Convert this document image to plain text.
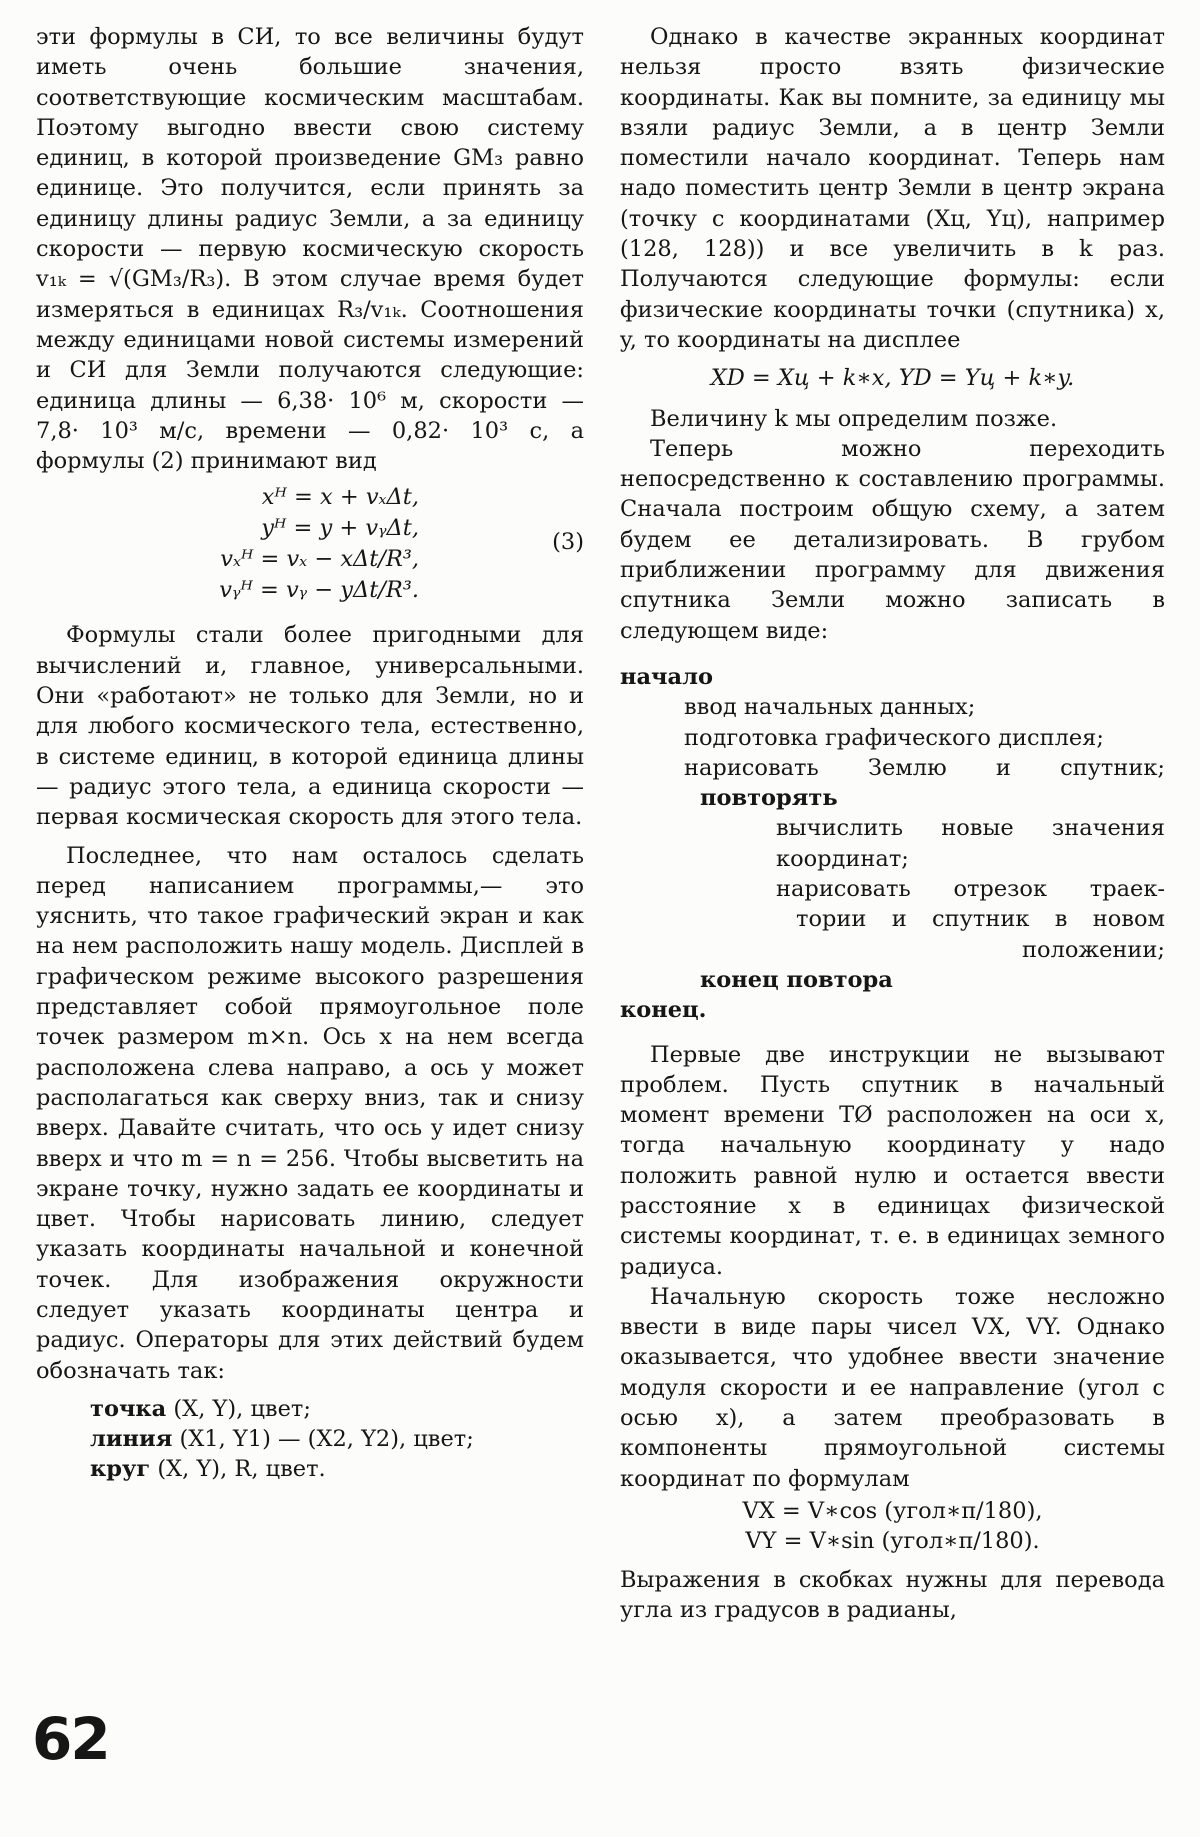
эти формулы в СИ, то все величины будут иметь очень большие значения, соответствующие космическим масштабам. Поэтому выгодно ввести свою систему единиц, в которой произведение GM₃ равно единице. Это получится, если принять за единицу длины радиус Земли, а за единицу скорости — первую космическую скорость v₁ₖ = √(GM₃/R₃). В этом случае время будет измеряться в единицах R₃/v₁ₖ. Соотношения между единицами новой системы измерений и СИ для Земли получаются следующие: единица длины — 6,38· 10⁶ м, скорости — 7,8· 10³ м/с, времени — 0,82· 10³ с, а формулы (2) принимают вид

xᴴ = x + vₓΔt,
yᴴ = y + vᵧΔt,
vₓᴴ = vₓ − xΔt/R³,
vᵧᴴ = vᵧ − yΔt/R³.
(3)

Формулы стали более пригодными для вычислений и, главное, универсальными. Они «работают» не только для Земли, но и для любого космического тела, естественно, в системе единиц, в которой единица длины — радиус этого тела, а единица скорости — первая космическая скорость для этого тела.

Последнее, что нам осталось сделать перед написанием программы,— это уяснить, что такое графический экран и как на нем расположить нашу модель. Дисплей в графическом режиме высокого разрешения представляет собой прямоугольное поле точек размером m×n. Ось x на нем всегда расположена слева направо, а ось y может располагаться как сверху вниз, так и снизу вверх. Давайте считать, что ось y идет снизу вверх и что m = n = 256. Чтобы высветить на экране точку, нужно задать ее координаты и цвет. Чтобы нарисовать линию, следует указать координаты начальной и конечной точек. Для изображения окружности следует указать координаты центра и радиус. Операторы для этих действий будем обозначать так:

точка (X, Y), цвет;
линия (X1, Y1) — (X2, Y2), цвет;
круг (X, Y), R, цвет.

Однако в качестве экранных координат нельзя просто взять физические координаты. Как вы помните, за единицу мы взяли радиус Земли, а в центр Земли поместили начало координат. Теперь нам надо поместить центр Земли в центр экрана (точку с координатами (Xц, Yц), например (128, 128)) и все увеличить в k раз. Получаются следующие формулы: если физические координаты точки (спутника) x, y, то координаты на дисплее

XD = Xц + k∗x, YD = Yц + k∗y.

Величину k мы определим позже.

Теперь можно переходить непосредственно к составлению программы. Сначала построим общую схему, а затем будем ее детализировать. В грубом приближении программу для движения спутника Земли можно записать в следующем виде:

начало
ввод начальных данных;
подготовка графического дисплея;
нарисовать Землю и спутник;
повторять
вычислить новые значения
координат;
нарисовать отрезок траек-
тории и спутник в новом
положении;
конец повтора
конец.

Первые две инструкции не вызывают проблем. Пусть спутник в начальный момент времени TØ расположен на оси x, тогда начальную координату y надо положить равной нулю и остается ввести расстояние x в единицах физической системы координат, т. е. в единицах земного радиуса.

Начальную скорость тоже несложно ввести в виде пары чисел VX, VY. Однако оказывается, что удобнее ввести значение модуля скорости и ее направление (угол с осью x), а затем преобразовать в компоненты прямоугольной системы координат по формулам

VX = V∗cos (угол∗π/180),
VY = V∗sin (угол∗π/180).

Выражения в скобках нужны для перевода угла из градусов в радианы,

62
